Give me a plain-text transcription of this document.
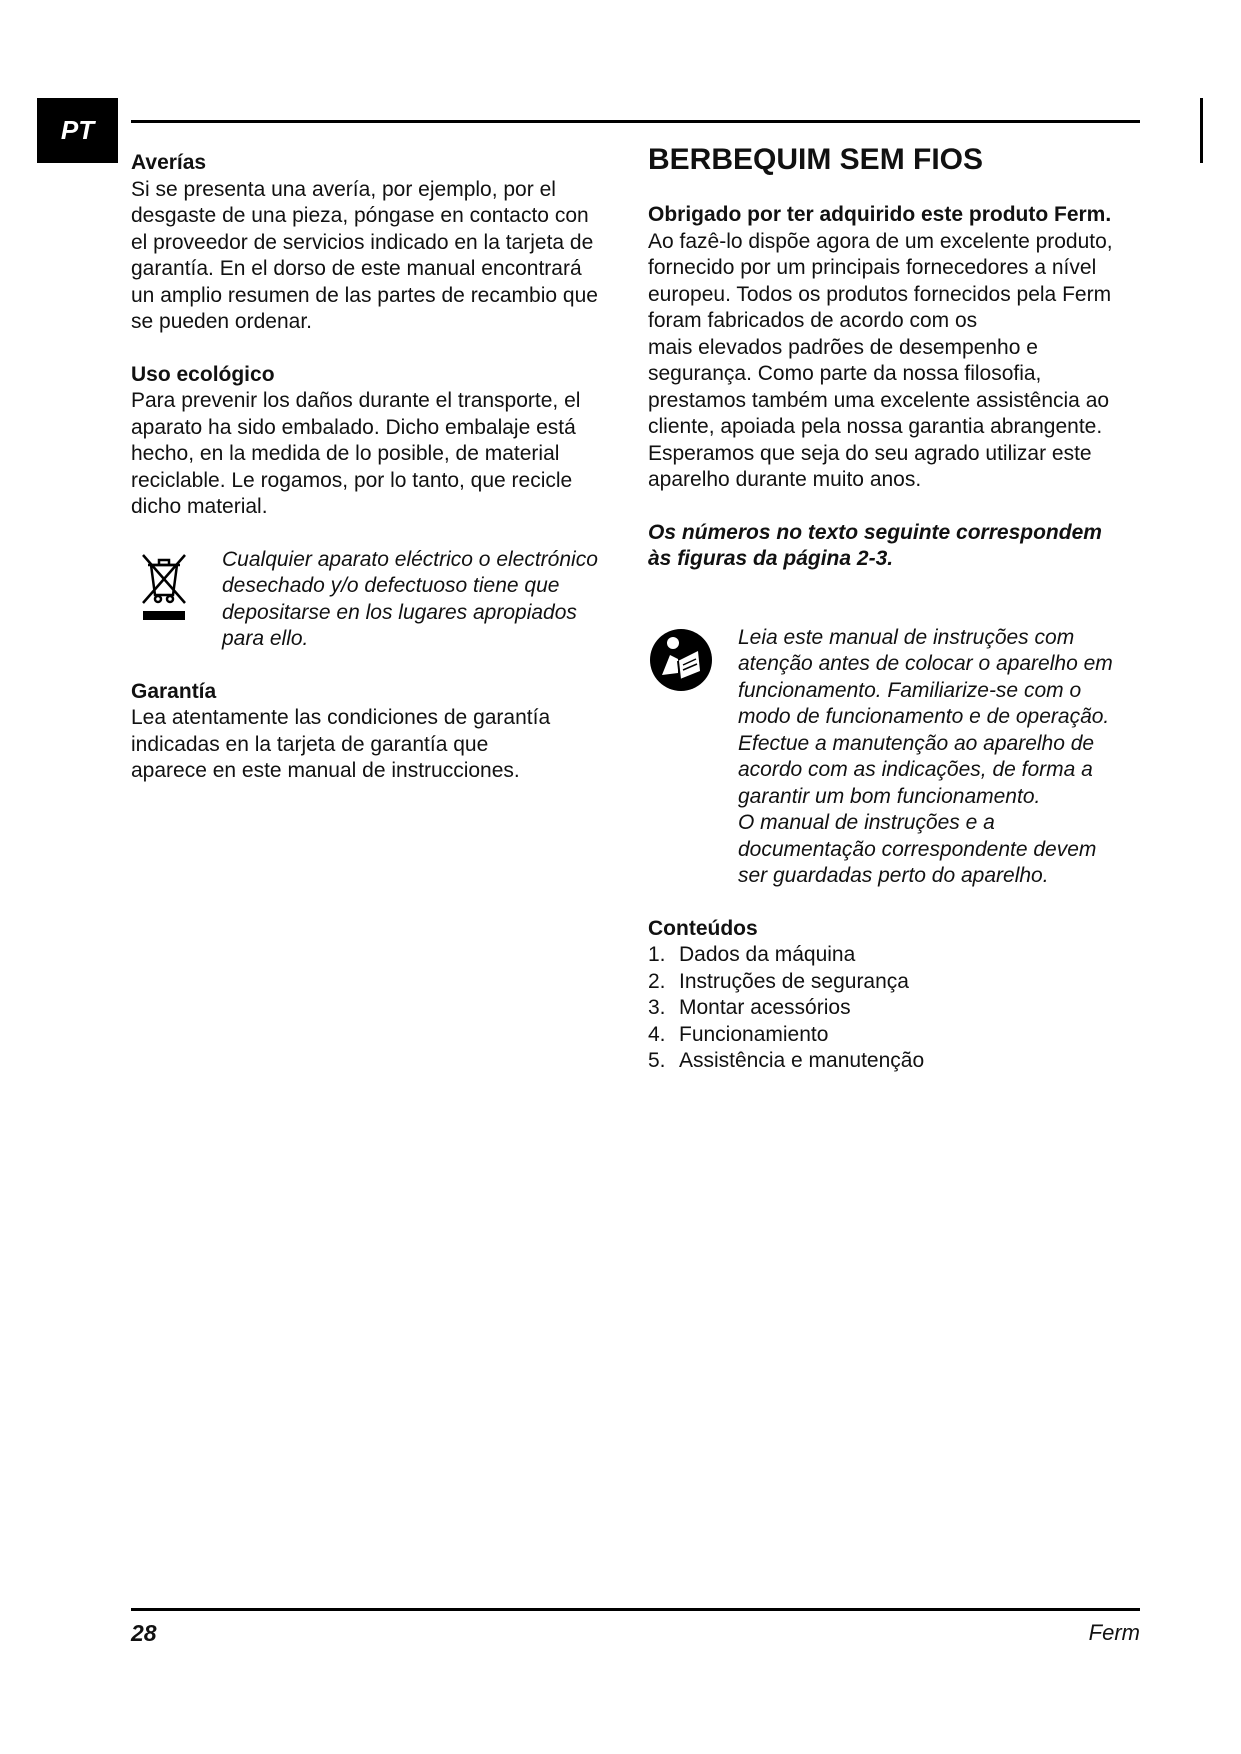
PT
Averías

Si se presenta una avería, por ejemplo, por el
desgaste de una pieza, póngase en contacto con
el proveedor de servicios indicado en la tarjeta de
garantía. En el dorso de este manual encontrará
un amplio resumen de las partes de recambio que
se pueden ordenar.

Uso ecológico

Para prevenir los daños durante el transporte, el
aparato ha sido embalado. Dicho embalaje está
hecho, en la medida de lo posible, de material
reciclable. Le rogamos, por lo tanto, que recicle
dicho material.

Cualquier aparato eléctrico o electrónico
desechado y/o defectuoso tiene que
depositarse en los lugares apropiados
para ello.
Garantía

Lea atentamente las condiciones de garantía
indicadas en la tarjeta de garantía que
aparece en este manual de instrucciones.

BERBEQUIM SEM FIOS

Obrigado por ter adquirido este produto Ferm.

Ao fazê-lo dispõe agora de um excelente produto,
fornecido por um principais fornecedores a nível
europeu. Todos os produtos fornecidos pela Ferm
foram fabricados de acordo com os
mais elevados padrões de desempenho e
segurança. Como parte da nossa filosofia,
prestamos também uma excelente assistência ao
cliente, apoiada pela nossa garantia abrangente.
Esperamos que seja do seu agrado utilizar este
aparelho durante muito anos.

Os números no texto seguinte correspondem
às figuras da página 2-3.

Leia este manual de instruções com
atenção antes de colocar o aparelho em
funcionamento. Familiarize-se com o
modo de funcionamento e de operação.
Efectue a manutenção ao aparelho de
acordo com as indicações, de forma a
garantir um bom funcionamento.
O manual de instruções e a
documentação correspondente devem
ser guardadas perto do aparelho.
Conteúdos
1. Dados da máquina
2. Instruções de segurança
3. Montar acessórios
4. Funcionamiento
5. Assistência e manutenção
28	Ferm
